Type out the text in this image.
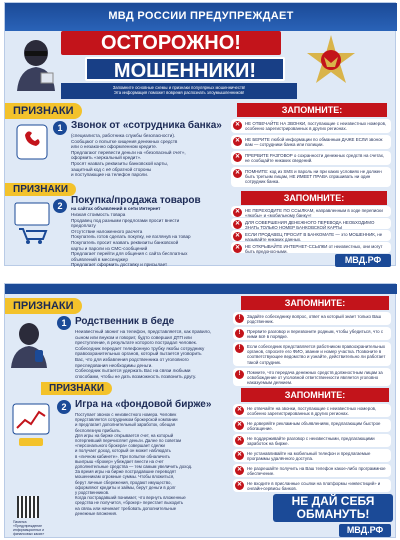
МВД РОССИИ ПРЕДУПРЕЖДАЕТ
ОСТОРОЖНО!
МОШЕННИКИ!
Запомните основные схемы и признаки популярных мошенничеств!
Эта информация поможет вовремя распознать злоумышленников!
ПРИЗНАКИ
1 Звонок от «сотрудника банка»
(специалиста, работника службы безопасности).
Сообщают о попытке хищения денежных средств
или о незаконно оформленном кредите.
Предлагают перевести деньги на «безопасный счет»,
оформить «зеркальный кредит».
Просят назвать реквизиты банковской карты,
защитный код с её обратной стороны
и поступающие на телефон пароли.
ПРИЗНАКИ
2 Покупка/продажа товаров
на сайтах объявлений в сети Интернет
Низкая стоимость товара
Продавец под разными предлогами просит внести
предоплату
Отсутствие наложенного расчета
Покупатель готов сделать покупку, не взглянув на товар
Покупатель просит назвать реквизиты банковской
карты и пароли из СМС-сообщений
Предлагает перейти для общения с сайта бесплатных
объявлений в мессенджер
Предлагает оформить доставку и присылает
ЗАПОМНИТЕ:
✕	НЕ ОТВЕЧАЙТЕ НА ЗВОНКИ, поступающие с неизвестных номеров, особенно зарегистрированных в других регионах.
✕	НЕ БЕРИТЕ любой информации по обманным ДАЖЕ ЕСЛИ звонок вам — сотрудники банка или полиции.
✕	ПРЕРВИТЕ РАЗГОВОР о сохранности денежных средств на счетах, не сообщайте никаких сведений.
✕	ПОМНИТЕ: код из SMS и пароль ни при каких условиях не должен быть третьим лицам, НЕ ИМЕЕТ ПРАВА спрашивать ни один сотрудник банка.
ЗАПОМНИТЕ:
✕	НЕ ПЕРЕХОДИТЕ ПО ССЫЛКАМ, направленным в ходе переписки «якобы» и «мобильному банку»!
✕	ДЛЯ СОВЕРШЕНИЯ ДЕНЕЖНОГО ПЕРЕВОДА НЕОБХОДИМО ЗНАТЬ ТОЛЬКО НОМЕР БАНКОВСКОЙ КАРТЫ
✕	ЕСЛИ ПРОДАВЕЦ ПРОСИТ В БАНКОМАТЕ — это МОШЕННИК, не называйте никаких данных.
✕	НЕ ОТКРЫВАЙТЕ ИНТЕРНЕТ-ССЫЛКИ от неизвестных, они могут быть вредоносными.
МВД.РФ
ПРИЗНАКИ
1 Родственник в беде
Неизвестный звонит на телефон, представляется, как правило,
сыном или внуком и говорит, будто совершил ДТП или
преступление, в результате которого пострадал человек.
Собеседник передает телефонную трубку якобы сотруднику
правоохранительных органов, который пытается уговорить
Вас, что для избавления родственника от уголовного
преследования необходимы деньги.
Собеседник пытается удержать Вас на связи любыми
способами, чтобы не дать возможность позвонить другу.
ПРИЗНАКИ
2 Игра на «фондовой бирже»
Поступает звонок с неизвестного номера. Человек
представляется сотрудником брокерской компании
и предлагает дополнительный заработок, обещая
бесполезную прибыль.
Для игры на бирже открывается счет, на который
потерпевший перечисляет деньги. Далее по советам
«персонального брокера» совершает сделки
и получает доход, который он может наблюдать
в «личном кабинете». При попытке обналичить
выигрыш «брокер» убеждает внести на счет
дополнительные средства — тем самым увеличить доход.
За время игры на бирже пострадавшие переводят
мошенникам огромные суммы. Чтобы вложиться,
берут личные сбережения, продают имущество,
оформляют кредиты и займы, берут деньги в долг
у родственников.
Когда пострадавший понимает, что вернуть вложенные
средства не получится, «брокер» перестает выходить
на связь или начинает требовать дополнительные
денежные вложения.
Памятка «Предупреждение информационных и финансовых каких»
ЗАПОМНИТЕ:
!	Задайте собеседнику вопрос, ответ на который знает только Ваш родственник.
!	Прервите разговор и перезвоните родным, чтобы убедиться, что с ними всё в порядке.
!	Если собеседник представляется работником правоохранительных органов, спросите его ФИО, звание и номер участка. Позвоните в соответствующее ведомство и узнайте, действительно ли работает такой сотрудник.
!	Помните, что передача денежных средств должностным лицам за освобождение от уголовной ответственности является уголовно наказуемым деянием.
ЗАПОМНИТЕ:
✕	Не отвечайте на звонки, поступающие с неизвестных номеров, особенно зарегистрированных в других регионах.
✕	Не доверяйте рекламным объявлениям, предлагающим быстрое обогащение.
✕	Не поддерживайте разговор с неизвестными, предлагающими заработок на бирже.
✕	Не устанавливайте на мобильный телефон и предлагаемые программы удалённого доступа.
✕	Не разрешайте получить на Ваш телефон какое-либо программное обеспечение.
✕	Не входите в присланные ссылки на платформы «инвестиций» и онлайн-сервисы банков.
НЕ ДАЙ СЕБЯ
ОБМАНУТЬ!
МВД.РФ
